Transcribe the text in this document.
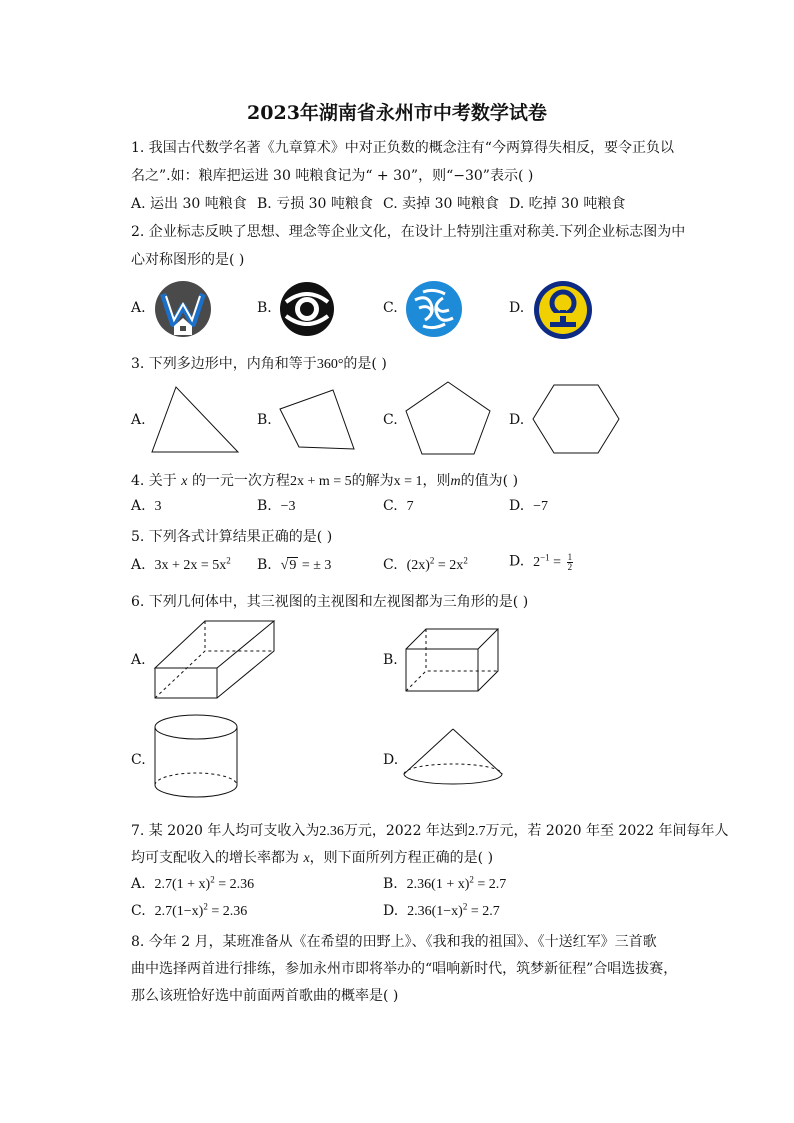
2023年湖南省永州市中考数学试卷
1. 我国古代数学名著《九章算术》中对正负数的概念注有“今两算得失相反，要令正负以
名之”.如：粮库把运进 30 吨粮食记为“ + 30”，则“−30”表示( )
A. 运出 30 吨粮食 B. 亏损 30 吨粮食 C. 卖掉 30 吨粮食 D. 吃掉 30 吨粮食
2. 企业标志反映了思想、理念等企业文化，在设计上特别注重对称美.下列企业标志图为中
心对称图形的是( )
A.	B.	C.	D.
3. 下列多边形中，内角和等于360°的是( )
A.	B.	C.	D.
4. 关于 x 的一元一次方程2x + m = 5的解为x = 1，则m的值为( )
A. 3	B. −3	C. 7	D. −7
5. 下列各式计算结果正确的是( )
A. $3x + 2x = 5x^2$ B. √9 = ± 3	C. $(2x)^2 = 2x^2$	D. $2^{-1} = \frac{1}{2}$
6. 下列几何体中，其三视图的主视图和左视图都为三角形的是( )
A.	B.
C.	D.
7. 某 2020 年人均可支收入为2.36万元，2022 年达到2.7万元，若 2020 年至 2022 年间每年人
均可支配收入的增长率都为 x，则下面所列方程正确的是( )
A. $2.7(1 + x)^2 = 2.36$	B. $2.36(1 + x)^2 = 2.7$
C. $2.7(1-x)^2 = 2.36$	D. $2.36(1-x)^2 = 2.7$
8. 今年 2 月，某班准备从《在希望的田野上》、《我和我的祖国》、《十送红军》三首歌
曲中选择两首进行排练，参加永州市即将举办的“唱响新时代，筑梦新征程”合唱选拔赛，
那么该班恰好选中前面两首歌曲的概率是( )
